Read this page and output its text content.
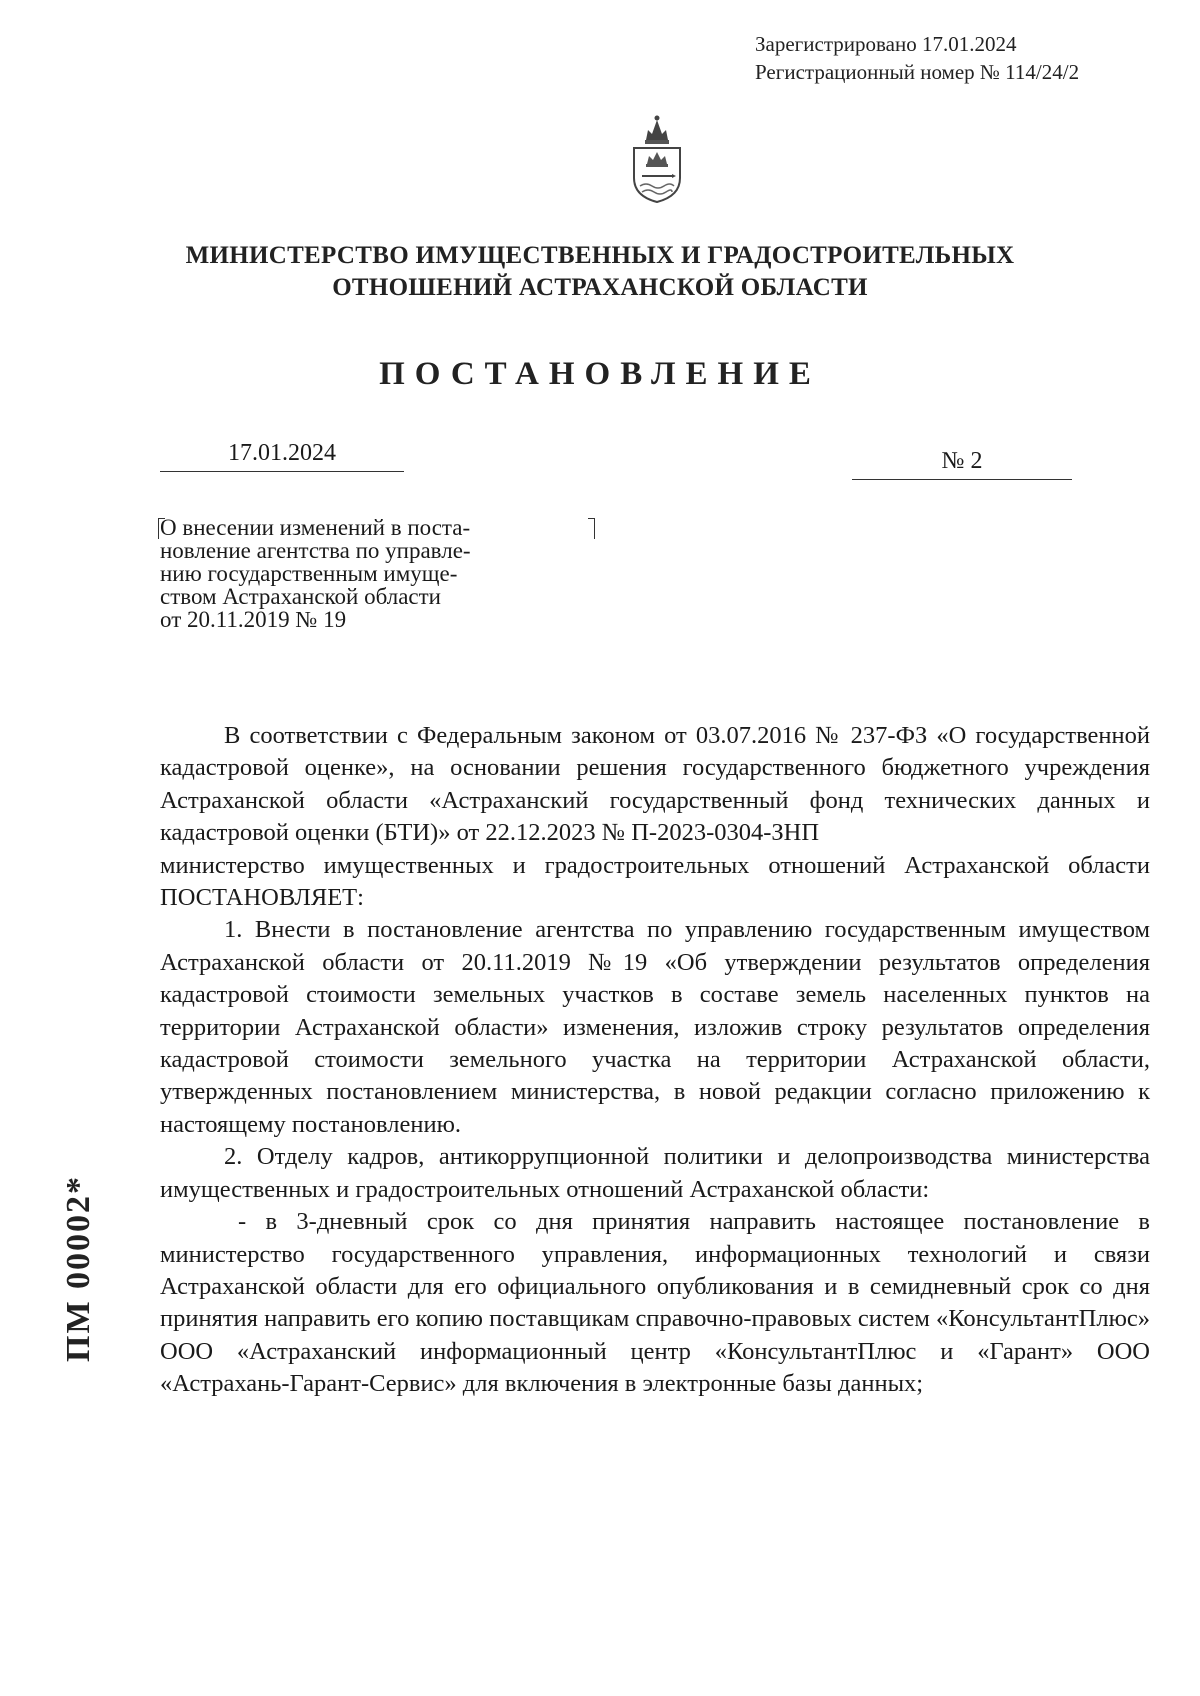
Зарегистрировано 17.01.2024
Регистрационный номер № 114/24/2
МИНИСТЕРСТВО ИМУЩЕСТВЕННЫХ И ГРАДОСТРОИТЕЛЬНЫХ
ОТНОШЕНИЙ АСТРАХАНСКОЙ ОБЛАСТИ
ПОСТАНОВЛЕНИЕ
17.01.2024	№ 2

О внесении изменений в поста-

новление агентства по управле-

нию государственным имуще-

ством Астраханской области

от 20.11.2019 № 19

В соответствии с Федеральным законом от 03.07.2016 № 237-ФЗ «О государственной кадастровой оценке», на основании решения государственного бюджетного учреждения Астраханской области «Астраханский государственный фонд технических данных и кадастровой оценки (БТИ)» от 22.12.2023 № П-2023-0304-ЗНП

министерство имущественных и градостроительных отношений Астраханской области ПОСТАНОВЛЯЕТ:

1. Внести в постановление агентства по управлению государственным имуществом Астраханской области от 20.11.2019 №19 «Об утверждении результатов определения кадастровой стоимости земельных участков в составе земель населенных пунктов на территории Астраханской области» изменения, изложив строку результатов определения кадастровой стоимости земельного участка на территории Астраханской области, утвержденных постановлением министерства, в новой редакции согласно приложению к настоящему постановлению.

2. Отделу кадров, антикоррупционной политики и делопроизводства министерства имущественных и градостроительных отношений Астраханской области:

- в 3-дневный срок со дня принятия направить настоящее постановление в министерство государственного управления, информационных технологий и связи Астраханской области для его официального опубликования и в семидневный срок со дня принятия направить его копию поставщикам справочно-правовых систем «КонсультантПлюс» ООО «Астраханский информационный центр «КонсультантПлюс и «Гарант» ООО «Астрахань-Гарант-Сервис» для включения в электронные базы данных;

ПМ 00002*
